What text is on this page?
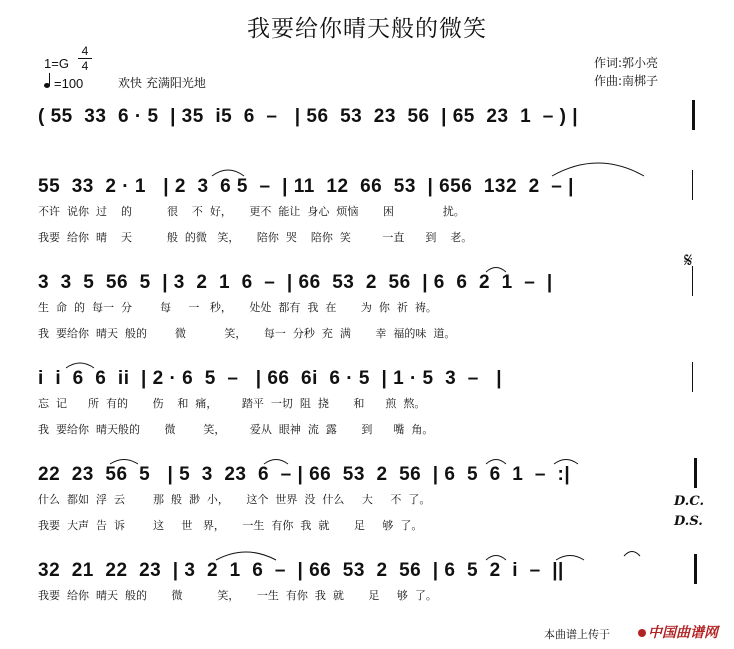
我要给你晴天般的微笑
1=G
4
4
=100	欢快 充满阳光地
作词:郭小亮
作曲:南梆子
( 55  33  6 · 5  | 35  i5  6  –   | 56  53  23  56  | 65  23  1  – ) |
55  33  2 · 1   | 2  3  6 5  –  | 11  12  66  53  | 656  132  2  – |
不许  说你  过    的          很    不  好，     更不  能让  身心  烦恼       困              扰。
我要  给你  晴    天          般  的微   笑，     陪你  哭    陪你  笑         一直      到    老。
3  3  5  56  5  | 3  2  1  6  –  | 66  53  2  56  | 6  6  2  1  –  |
生  命  的  每一  分        每     一   秒，     处处  都有  我  在       为  你  祈  祷。
我  要给你  晴天  般的        微           笑，     每一  分秒  充  满       幸  福的味  道。
i  i  6  6  ii  | 2 · 6  5  –   | 66  6i  6 · 5  | 1 · 5  3  –   |
忘  记      所  有的       伤    和  痛，       踏平  一切  阻  挠       和      煎  熬。
我  要给你  晴天般的       微        笑，       爱从  眼神  流  露       到      嘴  角。
22  23  56  5   | 5  3  23  6  – | 66  53  2  56  | 6  5  6  1  –  :|
什么  都如  浮  云        那  般  渺  小，     这个  世界  没  什么     大     不  了。
我要  大声  告  诉        这     世   界，     一生  有你  我  就       足     够  了。
32  21  22  23  | 3  2  1  6  –  | 66  53  2  56  | 6  5  2  i  –  ||
我要  给你  晴天  般的       微          笑，     一生  有你  我  就       足     够  了。
𝄋
D.C.
D.S.
本曲谱上传于	中国曲谱网
